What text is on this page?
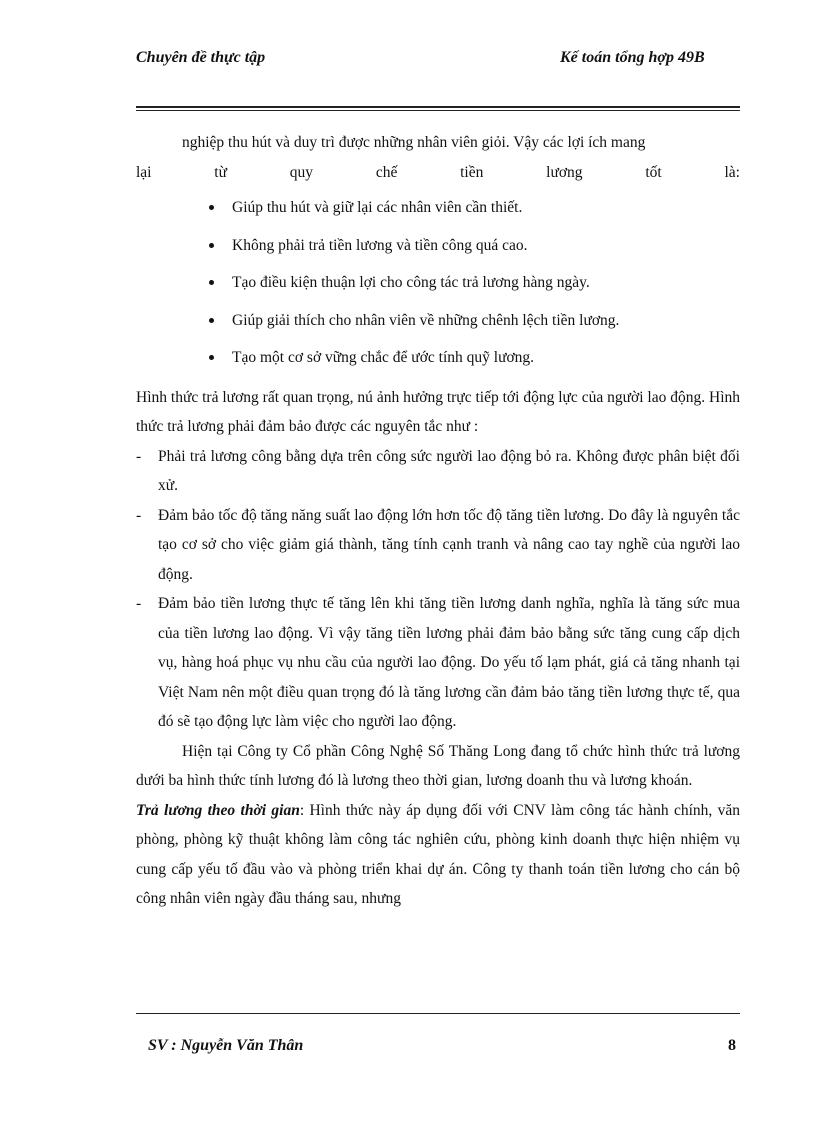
Chuyên đề thực tập	Kế toán tổng hợp 49B

nghiệp thu hút và duy trì được những nhân viên giỏi. Vậy các lợi ích mang

lại từ quy chế tiền lương tốt là:

Giúp thu hút và giữ lại các nhân viên cần thiết.
Không phải trả tiền lương và tiền công quá cao.
Tạo điều kiện thuận lợi cho công tác trả lương hàng ngày.
Giúp giải thích cho nhân viên về những chênh lệch tiền lương.
Tạo một cơ sở vững chắc để ước tính quỹ lương.

Hình thức trả lương rất quan trọng, nú ảnh hưởng trực tiếp tới động lực của người lao động. Hình thức trả lương phải đảm bảo được các nguyên tắc như :

- Phải trả lương công bằng dựa trên công sức người lao động bỏ ra. Không được phân biệt đối xử.

- Đảm bảo tốc độ tăng năng suất lao động lớn hơn tốc độ tăng tiền lương. Do đây là nguyên tắc tạo cơ sở cho việc giảm giá thành, tăng tính cạnh tranh và nâng cao tay nghề của người lao động.

- Đảm bảo tiền lương thực tế tăng lên khi tăng tiền lương danh nghĩa, nghĩa là tăng sức mua của tiền lương lao động. Vì vậy tăng tiền lương phải đảm bảo bằng sức tăng cung cấp dịch vụ, hàng hoá phục vụ nhu cầu của người lao động. Do yếu tố lạm phát, giá cả tăng nhanh tại Việt Nam nên một điều quan trọng đó là tăng lương cần đảm bảo tăng tiền lương thực tế, qua đó sẽ tạo động lực làm việc cho người lao động.

Hiện tại Công ty Cổ phần Công Nghệ Số Thăng Long đang tổ chức hình thức trả lương dưới ba hình thức tính lương đó là lương theo thời gian, lương doanh thu và lương khoán.

Trả lương theo thời gian: Hình thức này áp dụng đối với CNV làm công tác hành chính, văn phòng, phòng kỹ thuật không làm công tác nghiên cứu, phòng kinh doanh thực hiện nhiệm vụ cung cấp yếu tố đầu vào và phòng triển khai dự án. Công ty thanh toán tiền lương cho cán bộ công nhân viên ngày đầu tháng sau, nhưng

SV : Nguyễn Văn Thân	8
